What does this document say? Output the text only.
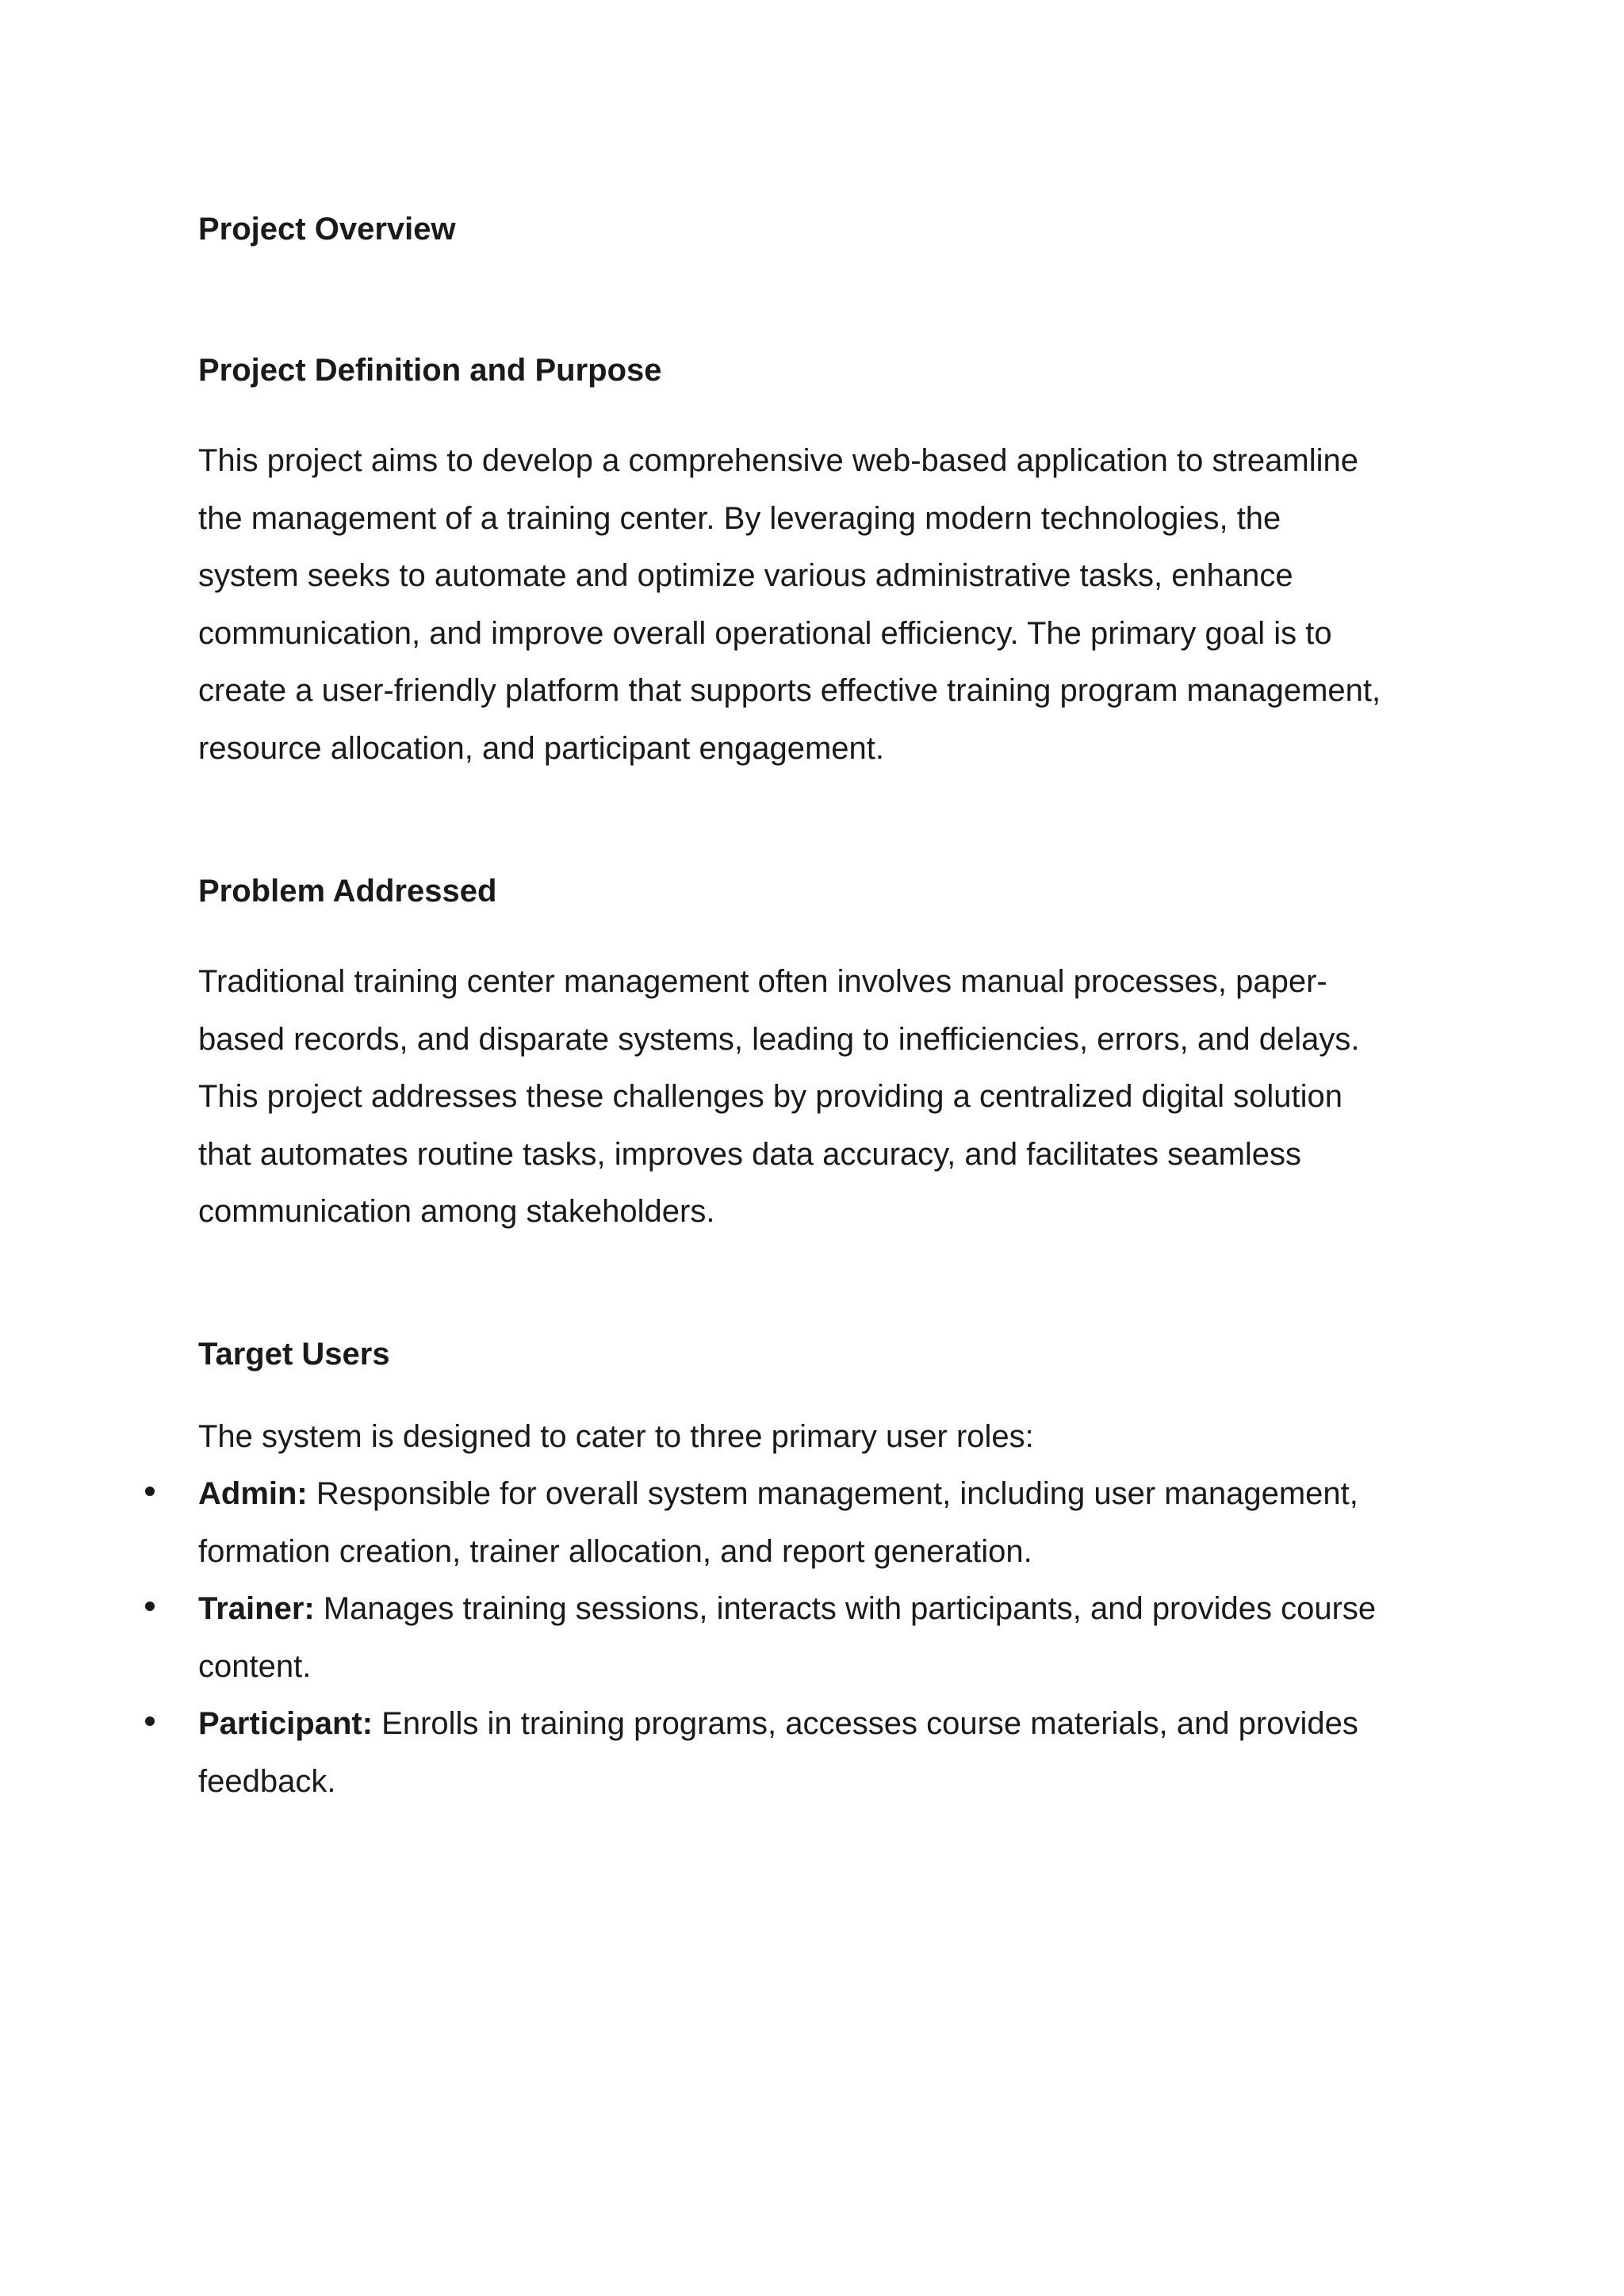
Project Overview
Project Definition and Purpose

This project aims to develop a comprehensive web-based application to streamline
the management of a training center. By leveraging modern technologies, the
system seeks to automate and optimize various administrative tasks, enhance
communication, and improve overall operational efficiency. The primary goal is to
create a user-friendly platform that supports effective training program management,
resource allocation, and participant engagement.

Problem Addressed

Traditional training center management often involves manual processes, paper-
based records, and disparate systems, leading to inefficiencies, errors, and delays.
This project addresses these challenges by providing a centralized digital solution
that automates routine tasks, improves data accuracy, and facilitates seamless
communication among stakeholders.

Target Users

The system is designed to cater to three primary user roles:

Admin: Responsible for overall system management, including user management,
formation creation, trainer allocation, and report generation.
Trainer: Manages training sessions, interacts with participants, and provides course
content.
Participant: Enrolls in training programs, accesses course materials, and provides
feedback.
